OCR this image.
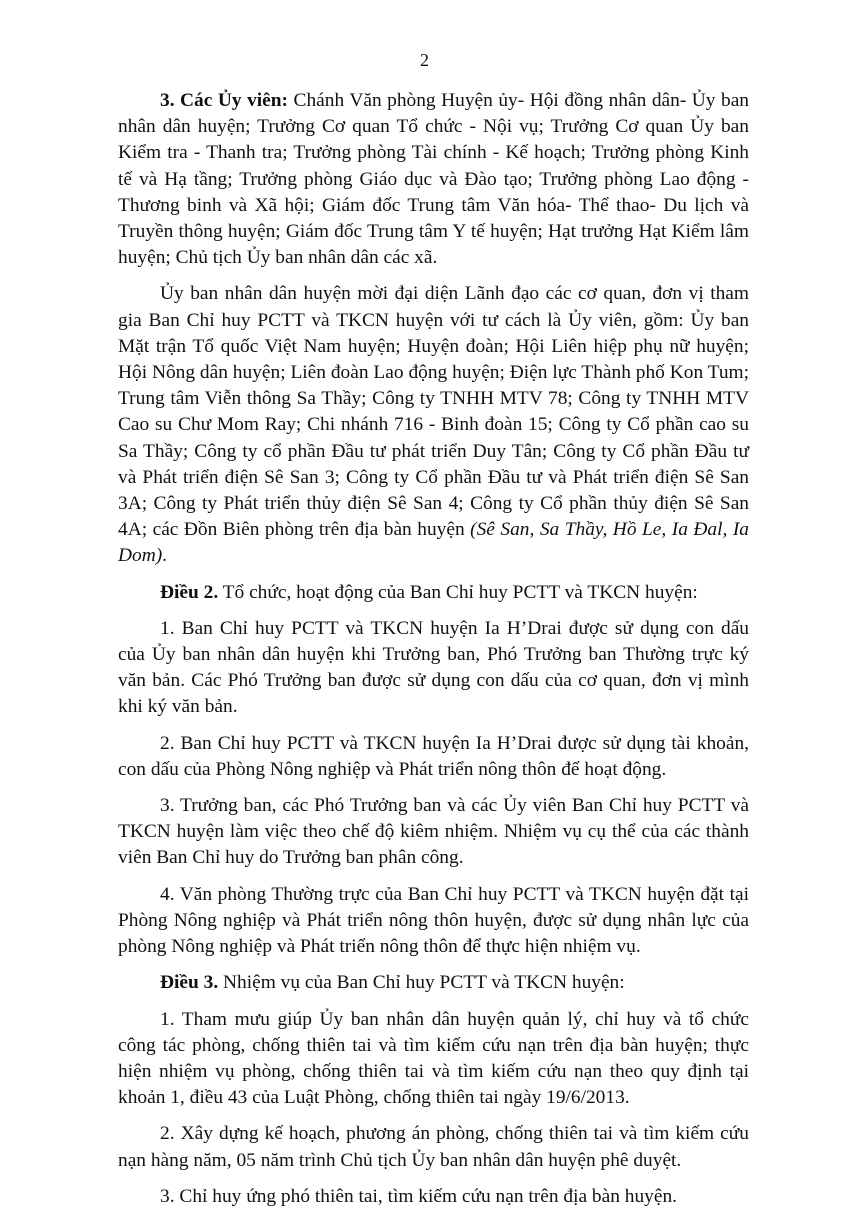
2

3. Các Ủy viên: Chánh Văn phòng Huyện ủy- Hội đồng nhân dân- Ủy ban nhân dân huyện; Trưởng Cơ quan Tổ chức - Nội vụ; Trưởng Cơ quan Ủy ban Kiểm tra - Thanh tra; Trưởng phòng Tài chính - Kế hoạch; Trưởng phòng Kinh tế và Hạ tầng; Trưởng phòng Giáo dục và Đào tạo; Trưởng phòng Lao động - Thương binh và Xã hội; Giám đốc Trung tâm Văn hóa- Thể thao- Du lịch và Truyền thông huyện; Giám đốc Trung tâm Y tế huyện; Hạt trưởng Hạt Kiểm lâm huyện; Chủ tịch Ủy ban nhân dân các xã.

Ủy ban nhân dân huyện mời đại diện Lãnh đạo các cơ quan, đơn vị tham gia Ban Chỉ huy PCTT và TKCN huyện với tư cách là Ủy viên, gồm: Ủy ban Mặt trận Tổ quốc Việt Nam huyện; Huyện đoàn; Hội Liên hiệp phụ nữ huyện; Hội Nông dân huyện; Liên đoàn Lao động huyện; Điện lực Thành phố Kon Tum; Trung tâm Viễn thông Sa Thầy; Công ty TNHH MTV 78; Công ty TNHH MTV Cao su Chư Mom Ray; Chi nhánh 716 - Binh đoàn 15; Công ty Cổ phần cao su Sa Thầy; Công ty cổ phần Đầu tư phát triển Duy Tân; Công ty Cổ phần Đầu tư và Phát triển điện Sê San 3; Công ty Cổ phần Đầu tư và Phát triển điện Sê San 3A; Công ty Phát triển thủy điện Sê San 4; Công ty Cổ phần thủy điện Sê San 4A; các Đồn Biên phòng trên địa bàn huyện (Sê San, Sa Thầy, Hồ Le, Ia Đal, Ia Dom).

Điều 2. Tổ chức, hoạt động của Ban Chỉ huy PCTT và TKCN huyện:

1. Ban Chỉ huy PCTT và TKCN huyện Ia H’Drai được sử dụng con dấu của Ủy ban nhân dân huyện khi Trưởng ban, Phó Trưởng ban Thường trực ký văn bản. Các Phó Trưởng ban được sử dụng con dấu của cơ quan, đơn vị mình khi ký văn bản.

2. Ban Chỉ huy PCTT và TKCN huyện Ia H’Drai được sử dụng tài khoản, con dấu của Phòng Nông nghiệp và Phát triển nông thôn để hoạt động.

3. Trưởng ban, các Phó Trưởng ban và các Ủy viên Ban Chỉ huy PCTT và TKCN huyện làm việc theo chế độ kiêm nhiệm. Nhiệm vụ cụ thể của các thành viên Ban Chỉ huy do Trưởng ban phân công.

4. Văn phòng Thường trực của Ban Chỉ huy PCTT và TKCN huyện đặt tại Phòng Nông nghiệp và Phát triển nông thôn huyện, được sử dụng nhân lực của phòng Nông nghiệp và Phát triển nông thôn để thực hiện nhiệm vụ.

Điều 3. Nhiệm vụ của Ban Chỉ huy PCTT và TKCN huyện:

1. Tham mưu giúp Ủy ban nhân dân huyện quản lý, chỉ huy và tổ chức công tác phòng, chống thiên tai và tìm kiếm cứu nạn trên địa bàn huyện; thực hiện nhiệm vụ phòng, chống thiên tai và tìm kiếm cứu nạn theo quy định tại khoản 1, điều 43 của Luật Phòng, chống thiên tai ngày 19/6/2013.

2. Xây dựng kế hoạch, phương án phòng, chống thiên tai và tìm kiếm cứu nạn hàng năm, 05 năm trình Chủ tịch Ủy ban nhân dân huyện phê duyệt.

3. Chỉ huy ứng phó thiên tai, tìm kiếm cứu nạn trên địa bàn huyện.
